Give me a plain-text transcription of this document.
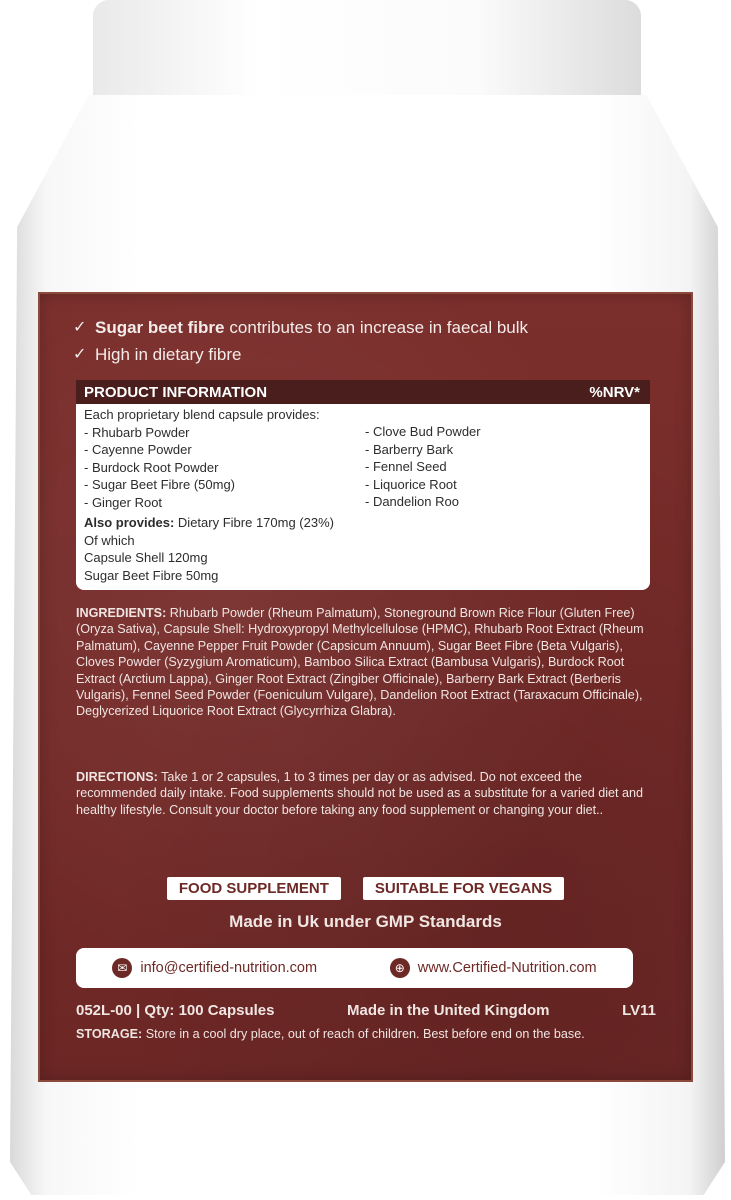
✓ Sugar beet fibre contributes to an increase in faecal bulk
✓ High in dietary fibre
PRODUCT INFORMATION	%NRV*
Each proprietary blend capsule provides:
- Rhubarb Powder
- Cayenne Powder
- Burdock Root Powder
- Sugar Beet Fibre (50mg)
- Ginger Root
- Clove Bud Powder
- Barberry Bark
- Fennel Seed
- Liquorice Root
- Dandelion Roo
Also provides: Dietary Fibre 170mg (23%)
Of which
Capsule Shell 120mg
Sugar Beet Fibre 50mg
INGREDIENTS: Rhubarb Powder (Rheum Palmatum), Stoneground Brown Rice Flour (Gluten Free) (Oryza Sativa), Capsule Shell: Hydroxypropyl Methylcellulose (HPMC), Rhubarb Root Extract (Rheum Palmatum), Cayenne Pepper Fruit Powder (Capsicum Annuum), Sugar Beet Fibre (Beta Vulgaris), Cloves Powder (Syzygium Aromaticum), Bamboo Silica Extract (Bambusa Vulgaris), Burdock Root Extract (Arctium Lappa), Ginger Root Extract (Zingiber Officinale), Barberry Bark Extract (Berberis Vulgaris), Fennel Seed Powder (Foeniculum Vulgare), Dandelion Root Extract (Taraxacum Officinale), Deglycerized Liquorice Root Extract (Glycyrrhiza Glabra).
DIRECTIONS: Take 1 or 2 capsules, 1 to 3 times per day or as advised. Do not exceed the recommended daily intake. Food supplements should not be used as a substitute for a varied diet and healthy lifestyle. Consult your doctor before taking any food supplement or changing your diet..
FOOD SUPPLEMENT	SUITABLE FOR VEGANS
Made in Uk under GMP Standards
✉ info@certified-nutrition.com	⊕ www.Certified-Nutrition.com
052L-00 | Qty: 100 Capsules	Made in the United Kingdom	LV11
STORAGE: Store in a cool dry place, out of reach of children. Best before end on the base.
